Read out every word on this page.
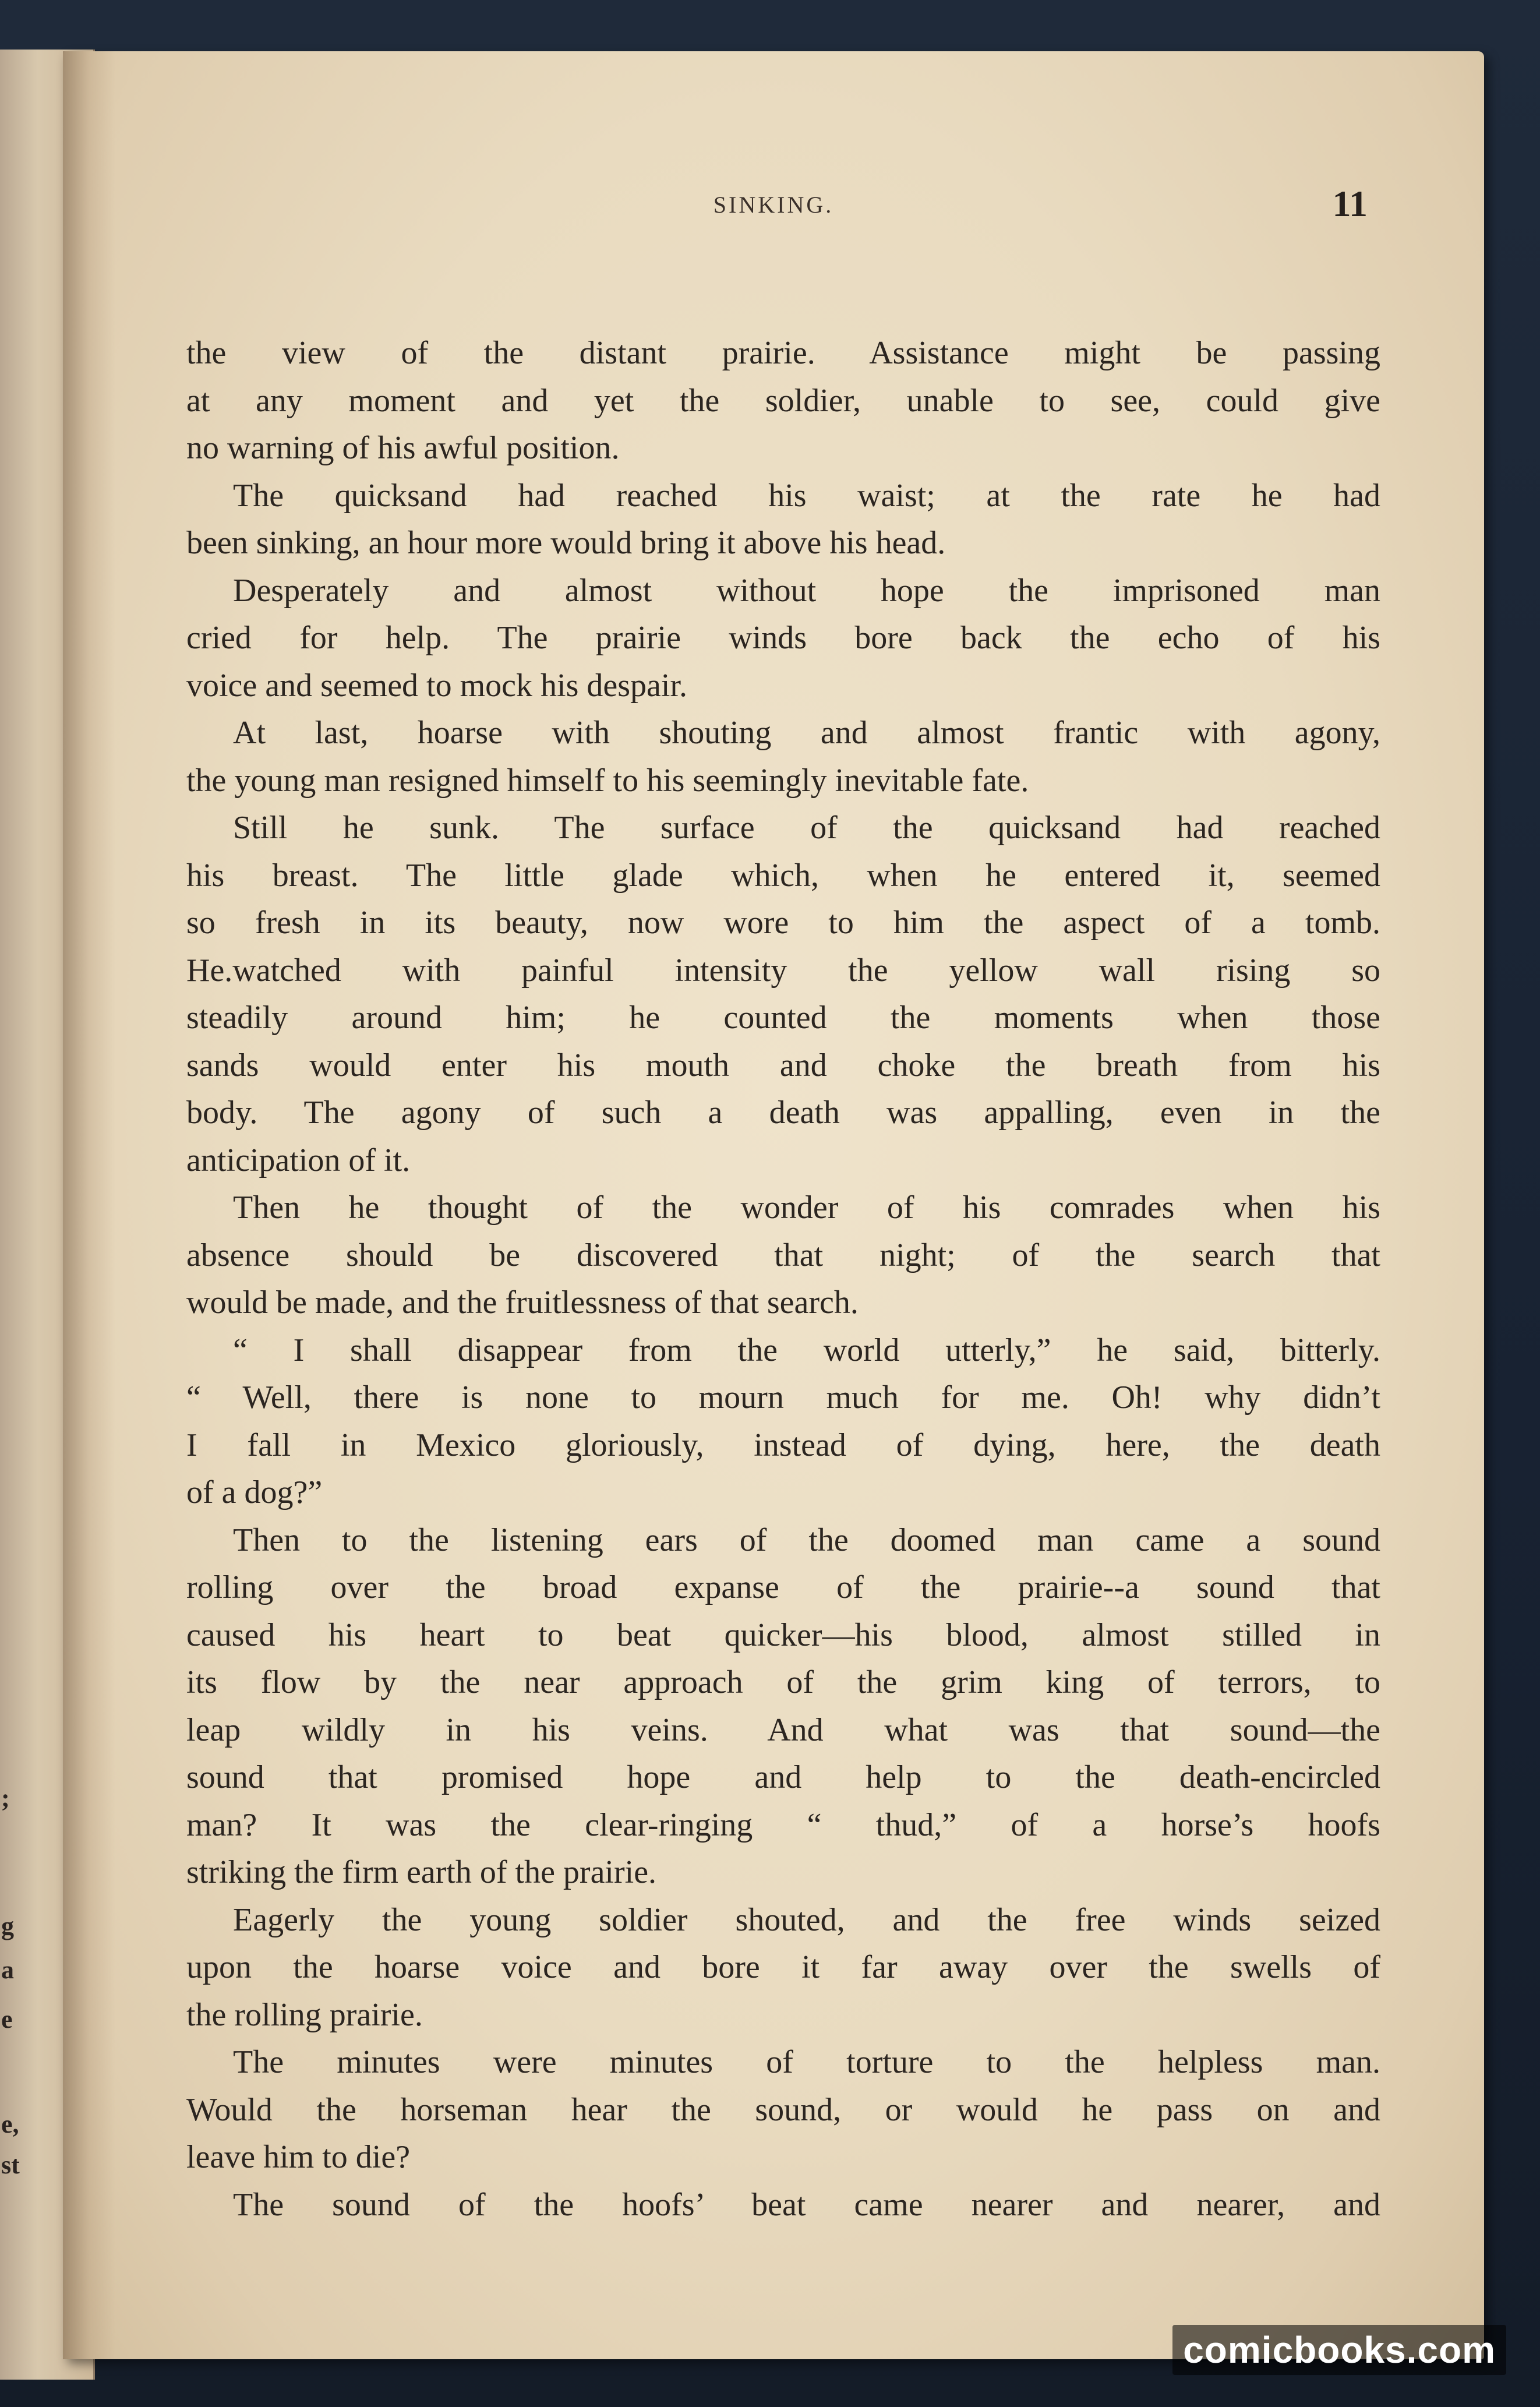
;
g
a
e
e,
st
SINKING.	11
the view of the distant prairie. Assistance might be passing
at any moment and yet the soldier, unable to see, could give
no warning of his awful position.
The quicksand had reached his waist; at the rate he had
been sinking, an hour more would bring it above his head.
Desperately and almost without hope the imprisoned man
cried for help. The prairie winds bore back the echo of his
voice and seemed to mock his despair.
At last, hoarse with shouting and almost frantic with agony,
the young man resigned himself to his seemingly inevitable fate.
Still he sunk. The surface of the quicksand had reached
his breast. The little glade which, when he entered it, seemed
so fresh in its beauty, now wore to him the aspect of a tomb.
He.watched with painful intensity the yellow wall rising so
steadily around him; he counted the moments when those
sands would enter his mouth and choke the breath from his
body. The agony of such a death was appalling, even in the
anticipation of it.
Then he thought of the wonder of his comrades when his
absence should be discovered that night; of the search that
would be made, and the fruitlessness of that search.
“ I shall disappear from the world utterly,” he said, bitterly.
“ Well, there is none to mourn much for me. Oh! why didn’t
I fall in Mexico gloriously, instead of dying, here, the death
of a dog?”
Then to the listening ears of the doomed man came a sound
rolling over the broad expanse of the prairie--a sound that
caused his heart to beat quicker—his blood, almost stilled in
its flow by the near approach of the grim king of terrors, to
leap wildly in his veins. And what was that sound—the
sound that promised hope and help to the death-encircled
man? It was the clear-ringing “ thud,” of a horse’s hoofs
striking the firm earth of the prairie.
Eagerly the young soldier shouted, and the free winds seized
upon the hoarse voice and bore it far away over the swells of
the rolling prairie.
The minutes were minutes of torture to the helpless man.
Would the horseman hear the sound, or would he pass on and
leave him to die?
The sound of the hoofs’ beat came nearer and nearer, and
comicbooks.com
